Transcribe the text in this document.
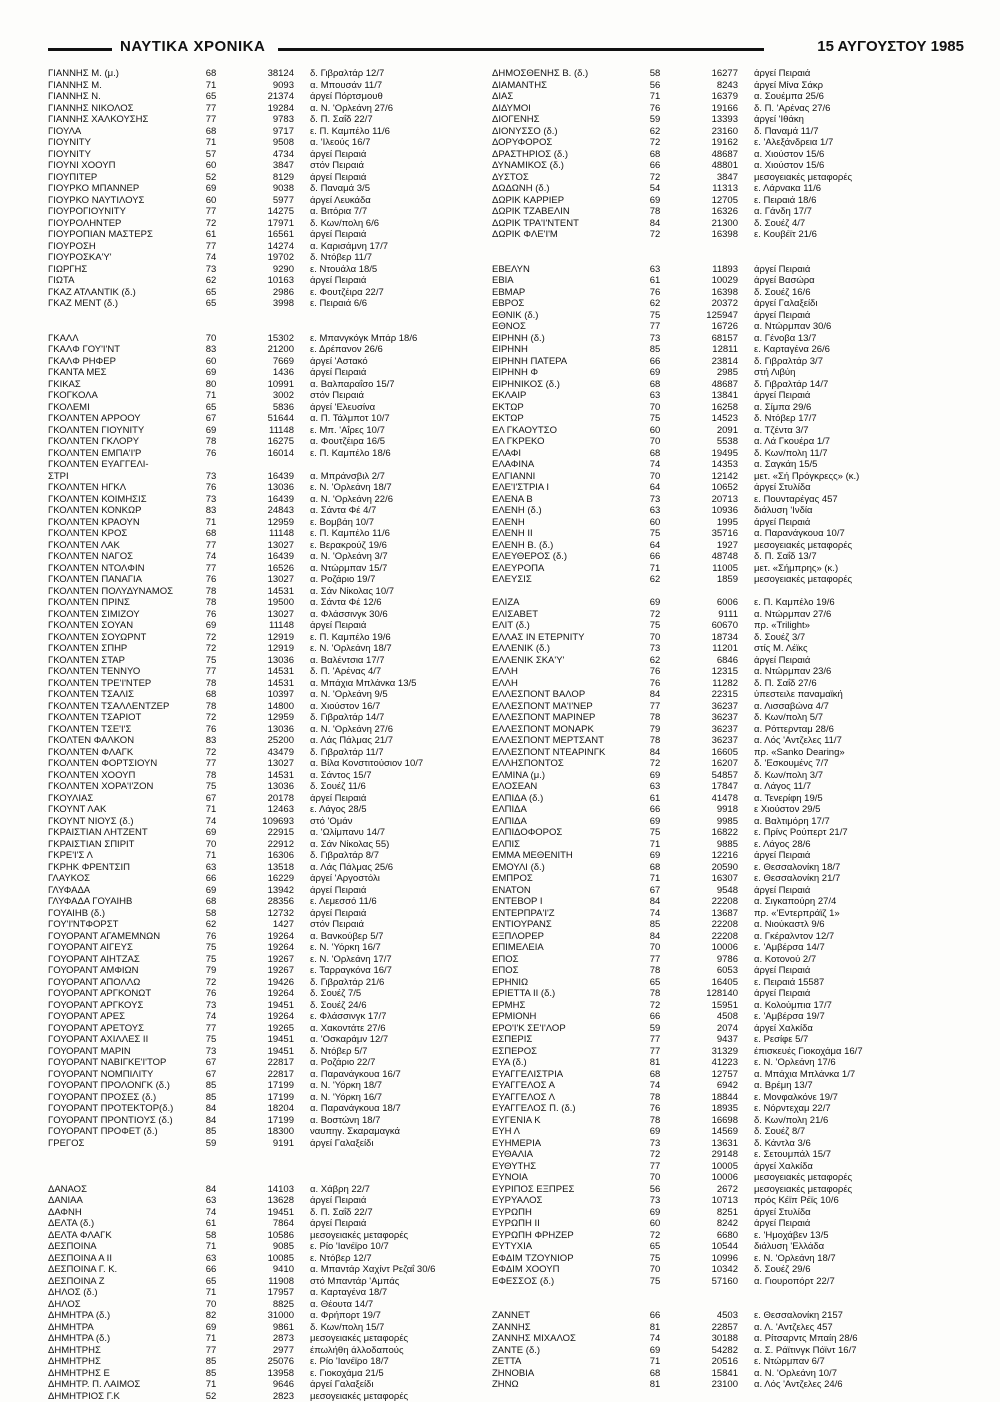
ΝΑΥΤΙΚΑ ΧΡΟΝΙΚΑ	15 ΑΥΓΟΥΣΤΟΥ 1985
ΓΙΑΝΝΗΣ Μ. (μ.)	68	38124	δ. Γιβραλτάρ 12/7
ΓΙΑΝΝΗΣ Μ.	71	9093	α. Μπουσάν 11/7
ΓΙΑΝΝΗΣ Ν.	65	21374	άργεί Πόρτσμουθ
ΓΙΑΝΝΗΣ ΝΙΚΟΛΟΣ	77	19284	α. Ν. 'Ορλεάνη 27/6
ΓΙΑΝΝΗΣ ΧΑΛΚΟΥΣΗΣ	77	9783	δ. Π. Σαΐδ 22/7
ΓΙΟΥΛΑ	68	9717	ε. Π. Καμπέλο 11/6
ΓΙΟΥΝΙΤΥ	71	9508	α. 'Ιλεούς 16/7
ΓΙΟΥΝΙΤΥ	57	4734	άργεί Πειραιά
ΓΙΟΥΝΙ ΧΟΟΥΠ	60	3847	στόν Πειραιά
ΓΙΟΥΠΙΤΕΡ	52	8129	άργεί Πειραιά
ΓΙΟΥΡΚΟ ΜΠΑΝΝΕΡ	69	9038	δ. Παναμά 3/5
ΓΙΟΥΡΚΟ ΝΑΥΤΙΛΟΥΣ	60	5977	άργεί Λευκάδα
ΓΙΟΥΡΟΓΙΟΥΝΙΤΥ	77	14275	α. Βιτόρια 7/7
ΓΙΟΥΡΟΛΗΝΤΕΡ	72	17971	δ. Κων/πολη 6/6
ΓΙΟΥΡΟΠΙΑΝ ΜΑΣΤΕΡΣ	61	16561	άργεί Πειραιά
ΓΙΟΥΡΟΣΗ	77	14274	α. Καρισάμνη 17/7
ΓΙΟΥΡΟΣΚΑ'Υ'	74	19702	δ. Ντόβερ 11/7
ΓΙΩΡΓΗΣ	73	9290	ε. Ντουάλα 18/5
ΓΙΩΤΑ	62	10163	άργεί Πειραιά
ΓΚΑΖ ΑΤΛΑΝΤΙΚ (δ.)	65	2986	ε. Φουτζέιρα 22/7
ΓΚΑΖ ΜΕΝΤ (δ.)	65	3998	ε. Πειραιά 6/6
ΓΚΑΛΛ	70	15302	ε. Μπανγκόγκ Μπάρ 18/6
ΓΚΑΛΦ ΓΟΥ'Ι'ΝΤ	83	21200	ε. Δρέπανον 26/6
ΓΚΑΛΦ ΡΗΦΕΡ	60	7669	άργεί 'Αστακό
ΓΚΑΝΤΑ ΜΕΣ	69	1436	άργεί Πειραιά
ΓΚΙΚΑΣ	80	10991	α. Βαλπαραΐσο 15/7
ΓΚΟΓΚΟΛΑ	71	3002	στόν Πειραιά
ΓΚΟΛΕΜΙ	65	5836	άργεί 'Ελευσίνα
ΓΚΟΛΝΤΕΝ ΑΡΡΟΟΥ	67	51644	α. Π. Τάλμποτ 10/7
ΓΚΟΛΝΤΕΝ ΓΙΟΥΝΙΤΥ	69	11148	ε. Μπ. 'Αΐρες 10/7
ΓΚΟΛΝΤΕΝ ΓΚΛΟΡΥ	78	16275	α. Φουτζέιρα 16/5
ΓΚΟΛΝΤΕΝ ΕΜΠΑ'Ι'Ρ	76	16014	ε. Π. Καμπέλο 18/6
ΓΚΟΛΝΤΕΝ ΕΥΑΓΓΕΛΙ-
ΣΤΡΙ	73	16439	α. Μπράνσβιλ 2/7
ΓΚΟΛΝΤΕΝ ΗΓΚΛ	76	13036	ε. Ν. 'Ορλεάνη 18/7
ΓΚΟΛΝΤΕΝ ΚΟΙΜΗΣΙΣ	73	16439	α. Ν. 'Ορλεάνη 22/6
ΓΚΟΛΝΤΕΝ ΚΟΝΚΩΡ	83	24843	α. Σάντα Φέ 4/7
ΓΚΟΛΝΤΕΝ ΚΡΑΟΥΝ	71	12959	ε. Βομβάη 10/7
ΓΚΟΛΝΤΕΝ ΚΡΟΣ	68	11148	ε. Π. Καμπέλο 11/6
ΓΚΟΛΝΤΕΝ ΛΑΚ	77	13027	ε. Βερακρούζ 19/6
ΓΚΟΛΝΤΕΝ ΝΑΓΟΣ	74	16439	α. Ν. 'Ορλεάνη 3/7
ΓΚΟΛΝΤΕΝ ΝΤΟΛΦΙΝ	77	16526	α. Ντώρμπαν 15/7
ΓΚΟΛΝΤΕΝ ΠΑΝΑΓΙΑ	76	13027	α. Ροζάριο 19/7
ΓΚΟΛΝΤΕΝ ΠΟΛΥΔΥΝΑΜΟΣ	78	14531	α. Σάν Νίκολας 10/7
ΓΚΟΛΝΤΕΝ ΠΡΙΝΣ	78	19500	α. Σάντα Φέ 12/6
ΓΚΟΛΝΤΕΝ ΣΙΜΙΖΟΥ	76	13027	α. Φλάσσινγκ 30/6
ΓΚΟΛΝΤΕΝ ΣΟΥΑΝ	69	11148	άργεί Πειραιά
ΓΚΟΛΝΤΕΝ ΣΟΥΩΡΝΤ	72	12919	ε. Π. Καμπέλο 19/6
ΓΚΟΛΝΤΕΝ ΣΠΗΡ	72	12919	ε. Ν. 'Ορλεάνη 18/7
ΓΚΟΛΝΤΕΝ ΣΤΑΡ	75	13036	α. Βαλέντσια 17/7
ΓΚΟΛΝΤΕΝ ΤΕΝΝΥΟ	77	14531	δ. Π. 'Αρένας 4/7
ΓΚΟΛΝΤΕΝ ΤΡΕ'Ι'ΝΤΕΡ	78	14531	α. Μπάχια Μπλάνκα 13/5
ΓΚΟΛΝΤΕΝ ΤΣΑΛΙΣ	68	10397	α. Ν. 'Ορλεάνη 9/5
ΓΚΟΛΝΤΕΝ ΤΣΑΛΛΕΝΤΖΕΡ	78	14800	α. Χιούστον 16/7
ΓΚΟΛΝΤΕΝ ΤΣΑΡΙΟΤ	72	12959	δ. Γιβραλτάρ 14/7
ΓΚΟΛΝΤΕΝ ΤΣΕ'Ι'Σ	76	13036	α. Ν. 'Ορλεάνη 27/6
ΓΚΟΛΤΕΝ ΦΑΛΚΟΝ	83	25200	α. Λάς Πάλμας 21/7
ΓΚΟΛΝΤΕΝ ΦΛΑΓΚ	72	43479	δ. Γιβραλτάρ 11/7
ΓΚΟΛΝΤΕΝ ΦΟΡΤΣΙΟΥΝ	77	13027	α. Βίλα Κονστιτούσιον 10/7
ΓΚΟΛΝΤΕΝ ΧΟΟΥΠ	78	14531	α. Σάντος 15/7
ΓΚΟΛΝΤΕΝ ΧΟΡΑ'Ι'ΖΟΝ	75	13036	δ. Σουέζ 11/6
ΓΚΟΥΛΙΑΣ	67	20178	άργεί Πειραιά
ΓΚΟΥΝΤ ΛΑΚ	71	12463	ε. Λάγος 28/5
ΓΚΟΥΝΤ ΝΙΟΥΣ (δ.)	74	109693	στό 'Ομάν
ΓΚΡΑΙΣΤΙΑΝ ΛΗΤΖΕΝΤ	69	22915	α. 'Ωλίμπανυ 14/7
ΓΚΡΑΙΣΤΙΑΝ ΣΠΙΡΙΤ	70	22912	α. Σάν Νίκολας 55)
ΓΚΡΕ'Ι'Σ Λ	71	16306	δ. Γιβραλτάρ 8/7
ΓΚΡΗΚ ΦΡΕΝΤΣΙΠ	63	13518	α. Λάς Πάλμας 25/6
ΓΛΑΥΚΟΣ	66	16229	άργεί 'Αργοστόλι
ΓΛΥΦΑΔΑ	69	13942	άργεί Πειραιά
ΓΛΥΦΑΔΑ ΓΟΥΑΙΗΒ	68	28356	ε. Λεμεσσό 11/6
ΓΟΥΑΙΗΒ (δ.)	58	12732	άργεί Πειραιά
ΓΟΥ'Ι'ΝΤΦΟΡΣΤ	62	1427	στόν Πειραιά
ΓΟΥΟΡΑΝΤ ΑΓΑΜΕΜΝΩΝ	76	19264	α. Βανκούβερ 5/7
ΓΟΥΟΡΑΝΤ ΑΙΓΕΥΣ	75	19264	ε. Ν. 'Υόρκη 16/7
ΓΟΥΟΡΑΝΤ ΑΙΗΤΖΑΣ	75	19267	ε. Ν. 'Ορλεάνη 17/7
ΓΟΥΟΡΑΝΤ ΑΜΦΙΩΝ	79	19267	ε. Ταρραγκόνα 16/7
ΓΟΥΟΡΑΝΤ ΑΠΟΛΛΩ	72	19426	δ. Γιβραλτάρ 21/6
ΓΟΥΟΡΑΝΤ ΑΡΓΚΟΝΩΤ	76	19264	δ. Σουέζ 7/5
ΓΟΥΟΡΑΝΤ ΑΡΓΚΟΥΣ	73	19451	δ. Σουέζ 24/6
ΓΟΥΟΡΑΝΤ ΑΡΕΣ	74	19264	ε. Φλάσσινγκ 17/7
ΓΟΥΟΡΑΝΤ ΑΡΕΤΟΥΣ	77	19265	α. Χακοντάτε 27/6
ΓΟΥΟΡΑΝΤ ΑΧΙΛΛΕΣ ΙΙ	75	19451	α. 'Οσκαράμν 12/7
ΓΟΥΟΡΑΝΤ ΜΑΡΙΝ	73	19451	δ. Ντόβερ 5/7
ΓΟΥΟΡΑΝΤ ΝΑΒΙΓΚΕ'Ι'ΤΟΡ	67	22817	α. Ροζάριο 22/7
ΓΟΥΟΡΑΝΤ ΝΟΜΠΙΛΙΤΥ	67	22817	α. Παρανάγκουα 16/7
ΓΟΥΟΡΑΝΤ ΠΡΟΛΟΝΓΚ (δ.)	85	17199	α. Ν. 'Υόρκη 18/7
ΓΟΥΟΡΑΝΤ ΠΡΟΣΕΣ (δ.)	85	17199	α. Ν. 'Υόρκη 16/7
ΓΟΥΟΡΑΝΤ ΠΡΟΤΕΚΤΟΡ(δ.)	84	18204	α. Παρανάγκουα 18/7
ΓΟΥΟΡΑΝΤ ΠΡΟΝΤΙΟΥΣ (δ.)	84	17199	α. Βοστώνη 18/7
ΓΟΥΟΡΑΝΤ ΠΡΟΦΕΤ (δ.)	85	18300	ναυπηγ. Σκαραμαγκά
ΓΡΕΓΟΣ	59	9191	άργεί Γαλαξείδι
ΔΑΝΑΟΣ	84	14103	α. Χάβρη 22/7
ΔΑΝΙΑΑ	63	13628	άργεί Πειραιά
ΔΑΦΝΗ	74	19451	δ. Π. Σαΐδ 22/7
ΔΕΛΤΑ (δ.)	61	7864	άργεί Πειραιά
ΔΕΛΤΑ ΦΛΑΓΚ	58	10586	μεσογειακές μεταφορές
ΔΕΣΠΟΙΝΑ	71	9085	ε. Ρίο 'Ιανέϊρο 10/7
ΔΕΣΠΟΙΝΑ Α ΙΙ	63	10085	ε. Ντόβερ 12/7
ΔΕΣΠΟΙΝΑ Γ. Κ.	66	9410	α. Μπαντάρ Χαχίντ Ρεζαΐ 30/6
ΔΕΣΠΟΙΝΑ Ζ	65	11908	στό Μπαντάρ 'Αμπάς
ΔΗΛΟΣ (δ.)	71	17957	α. Καρταγένα 18/7
ΔΗΛΟΣ	70	8825	α. Θέουτα 14/7
ΔΗΜΗΤΡΑ (δ.)	82	31000	α. Φρήπορτ 19/7
ΔΗΜΗΤΡΑ	69	9861	δ. Κων/πολη 15/7
ΔΗΜΗΤΡΑ (δ.)	71	2873	μεσογειακές μεταφορές
ΔΗΜΗΤΡΗΣ	77	2977	έπωλήθη άλλοδαπούς
ΔΗΜΗΤΡΗΣ	85	25076	ε. Ρίο 'Ιανέϊρο 18/7
ΔΗΜΗΤΡΗΣ Ε	85	13958	ε. Γιοκοχάμα 21/5
ΔΗΜΗΤΡ. Π. ΛΑΙΜΟΣ	71	9646	άργεί Γαλαξείδι
ΔΗΜΗΤΡΙΟΣ Γ.Κ	52	2823	μεσογειακές μεταφορές
ΔΗΜΟΣΘΕΝΗΣ Β. (δ.)	58	16277	άργεί Πειραιά
ΔΙΑΜΑΝΤΗΣ	56	8243	άργεί Μίνα Σάκρ
ΔΙΑΣ	71	16379	α. Σουέμπα 25/6
ΔΙΔΥΜΟΙ	76	19166	δ. Π. 'Αρένας 27/6
ΔΙΟΓΕΝΗΣ	59	13393	άργεί 'Ιθάκη
ΔΙΟΝΥΣΣΟ (δ.)	62	23160	δ. Παναμά 11/7
ΔΟΡΥΦΟΡΟΣ	72	19162	ε. 'Αλεξάνδρεια 1/7
ΔΡΑΣΤΗΡΙΟΣ (δ.)	68	48687	α. Χιούστον 15/6
ΔΥΝΑΜΙΚΟΣ (δ.)	66	48801	α. Χιούστον 15/6
ΔΥΣΤΟΣ	72	3847	μεσογειακές μεταφορές
ΔΩΔΩΝΗ (δ.)	54	11313	ε. Λάρνακα 11/6
ΔΩΡΙΚ ΚΑΡΡΙΕΡ	69	12705	ε. Πειραιά 18/6
ΔΩΡΙΚ ΤΖΑΒΕΛΙΝ	78	16326	α. Γάνδη 17/7
ΔΩΡΙΚ ΤΡΑ'Ι'ΝΤΕΝΤ	84	21300	δ. Σουέζ 4/7
ΔΩΡΙΚ ΦΛΕ'Ι'Μ	72	16398	ε. Κουβέϊτ 21/6
ΕΒΕΛΥΝ	63	11893	άργεί Πειραιά
ΕΒΙΑ	61	10029	άργεί Βασώρα
ΕΒΜΑΡ	76	16398	δ. Σουέζ 16/6
ΕΒΡΟΣ	62	20372	άργεί Γαλαξείδι
ΕΘΝΙΚ (δ.)	75	125947	άργεί Πειραιά
ΕΘΝΟΣ	77	16726	α. Ντώρμπαν 30/6
ΕΙΡΗΝΗ (δ.)	73	68157	α. Γένοβα 13/7
ΕΙΡΗΝΗ	85	12811	ε. Καρταγένα 26/6
ΕΙΡΗΝΗ ΠΑΤΕΡΑ	66	23814	δ. Γιβραλτάρ 3/7
ΕΙΡΗΝΗ Φ	69	2985	στή Λιβύη
ΕΙΡΗΝΙΚΟΣ (δ.)	68	48687	δ. Γιβραλτάρ 14/7
ΕΚΛΑΙΡ	63	13841	άργεί Πειραιά
ΕΚΤΩΡ	70	16258	α. Σίμπα 29/6
ΕΚΤΩΡ	75	14523	δ. Ντόβερ 17/7
ΕΛ ΓΚΑΟΥΤΣΟ	60	2091	α. Τζέντα 3/7
ΕΛ ΓΚΡΕΚΟ	70	5538	α. Λά Γκουέρα 1/7
ΕΛΑΦΙ	68	19495	δ. Κων/πολη 11/7
ΕΛΑΦΙΝΑ	74	14353	α. Σαγκάη 15/5
ΕΛΓΙΑΝΝΙ	70	12142	μετ. «Σή Πρόγκρεςς» (κ.)
ΕΛΕ'Ι'ΣΤΡΙΑ Ι	64	10652	άργεί Στυλίδα
ΕΛΕΝΑ Β	73	20713	ε. Πουνταρέγας 457
ΕΛΕΝΗ (δ.)	63	10936	διάλυση 'Ινδία
ΕΛΕΝΗ	60	1995	άργεί Πειραιά
ΕΛΕΝΗ ΙΙ	75	35716	α. Παρανάγκουα 10/7
ΕΛΕΝΗ Β. (δ.)	64	1927	μεσογειακές μεταφορές
ΕΛΕΥΘΕΡΟΣ (δ.)	66	48748	δ. Π. Σαΐδ 13/7
ΕΛΕΥΡΟΠΑ	71	11005	μετ. «Σήμπρης» (κ.)
ΕΛΕΥΣΙΣ	62	1859	μεσογειακές μεταφορές
ΕΛΙΖΑ	69	6006	ε. Π. Καμπέλο 19/6
ΕΛΙΣΑΒΕΤ	72	9111	α. Ντώρμπαν 27/6
ΕΛΙΤ (δ.)	75	60670	πρ. «Trilight»
ΕΛΛΑΣ ΙΝ ΕΤΕΡΝΙΤΥ	70	18734	δ. Σουέζ 3/7
ΕΛΛΕΝΙΚ (δ.)	73	11201	στίς Μ. Λέϊκς
ΕΛΛΕΝΙΚ ΣΚΑ'Υ'	62	6846	άργεί Πειραιά
ΕΛΛΗ	76	12315	α. Ντώρμπαν 23/6
ΕΛΛΗ	76	11282	δ. Π. Σαΐδ 27/6
ΕΛΛΕΣΠΟΝΤ ΒΑΛΟΡ	84	22315	ύπεστειλε παναμαϊκή
ΕΛΛΕΣΠΟΝΤ ΜΑ'Ι'ΝΕΡ	77	36237	α. Λισσαβώνα 4/7
ΕΛΛΕΣΠΟΝΤ ΜΑΡΙΝΕΡ	78	36237	δ. Κων/πολη 5/7
ΕΛΛΕΣΠΟΝΤ ΜΟΝΑΡΚ	79	36237	α. Ρόττερνταμ 28/6
ΕΛΛΕΣΠΟΝΤ ΜΕΡΤΣΑΝΤ	78	36237	α. Λός 'Αντζελες 11/7
ΕΛΛΕΣΠΟΝΤ ΝΤΕΑΡΙΝΓΚ	84	16605	πρ. «Sanko Dearing»
ΕΛΛΗΣΠΟΝΤΟΣ	72	16207	δ. 'Εσκουμένς 7/7
ΕΛΜΙΝΑ (μ.)	69	54857	δ. Κων/πολη 3/7
ΕΛΟΣΕΑΝ	63	17847	α. Λάγος 11/7
ΕΛΠΙΔΑ (δ.)	61	41478	α. Τενερίφη 19/5
ΕΛΠΙΔΑ	66	9918	ε Χιούστον 29/5
ΕΛΠΙΔΑ	69	9985	α. Βαλτιμόρη 17/7
ΕΛΠΙΔΟΦΟΡΟΣ	75	16822	ε. Πρίνς Ρούπερτ 21/7
ΕΛΠΙΣ	71	9885	ε. Λάγος 28/6
ΕΜΜΑ ΜΕΘΕΝΙΤΗ	69	12216	άργεί Πειραιά
ΕΜΟΥΛΙ (δ.)	68	20590	ε. Θεσσαλονίκη 18/7
ΕΜΠΡΟΣ	71	16307	ε. Θεσσαλονίκη 21/7
ΕΝΑΤΟΝ	67	9548	άργεί Πειραιά
ΕΝΤΕΒΟΡ Ι	84	22208	α. Σιγκαπούρη 27/4
ΕΝΤΕΡΠΡΑ'Ι'Ζ	74	13687	πρ. «'Εντερπράϊζ 1»
ΕΝΤΙΟΥΡΑΝΣ	85	22208	α. Νιούκαστλ 9/6
ΕΞΠΛΟΡΕΡ	84	22208	α. Γκέραλντον 12/7
ΕΠΙΜΕΛΕΙΑ	70	10006	ε. 'Αμβέρσα 14/7
ΕΠΟΣ	77	9786	α. Κοτονού 2/7
ΕΠΟΣ	78	6053	άργεί Πειραιά
ΕΡΗΝΙΩ	65	16405	ε. Πειραιά 15587
ΕΡΙΕΤΤΑ ΙΙ (δ.)	78	128140	άργεί Πειραιά
ΕΡΜΗΣ	72	15951	α. Κολούμπια 17/7
ΕΡΜΙΟΝΗ	66	4508	ε. 'Αμβέρσα 19/7
ΕΡΟ'Ι'Κ ΣΕ'Ι'ΛΟΡ	59	2074	άργεί Χαλκίδα
ΕΣΠΕΡΙΣ	77	9437	ε. Ρεσίφε 5/7
ΕΣΠΕΡΟΣ	77	31329	έπισκευές Γιοκοχάμα 16/7
ΕΥΑ (δ.)	81	41223	ε. Ν. 'Ορλεάνη 17/6
ΕΥΑΓΓΕΛΙΣΤΡΙΑ	68	12757	α. Μπάχια Μπλάνκα 1/7
ΕΥΑΓΓΕΛΟΣ Α	74	6942	α. Βρέμη 13/7
ΕΥΑΓΓΕΛΟΣ Λ	78	18844	ε. Μονφαλκόνε 19/7
ΕΥΑΓΓΕΛΟΣ Π. (δ.)	76	18935	ε. Νόρντεχαμ 22/7
ΕΥΓΕΝΙΑ Κ	78	16698	δ. Κων/πολη 21/6
ΕΥΗ Λ	69	14569	δ. Σουέζ 8/7
ΕΥΗΜΕΡΙΑ	73	13631	δ. Κάντλα 3/6
ΕΥΘΑΛΙΑ	72	29148	ε. Σετουμπάλ 15/7
ΕΥΘΥΤΗΣ	77	10005	άργεί Χαλκίδα
ΕΥΝΟΙΑ	70	10006	μεσογειακές μεταφορές
ΕΥΡΙΠΟΣ ΕΞΠΡΕΣ	56	2672	μεσογειακές μεταφορές
ΕΥΡΥΑΛΟΣ	73	10713	πρός Κέϊπ Ρέϊς 10/6
ΕΥΡΩΠΗ	69	8251	άργεί Στυλίδα
ΕΥΡΩΠΗ ΙΙ	60	8242	άργεί Πειραιά
ΕΥΡΩΠΗ ΦΡΗΖΕΡ	72	6680	ε. 'Ημοχάβεν 13/5
ΕΥΤΥΧΙΑ	65	10544	διάλυση 'Ελλάδα
ΕΦΔΙΜ ΤΖΟΥΝΙΟΡ	75	10996	ε. Ν. 'Ορλεάνη 18/7
ΕΦΔΙΜ ΧΟΟΥΠ	70	10342	δ. Σουέζ 29/6
ΕΦΕΣΣΟΣ (δ.)	75	57160	α. Γιουροπόρτ 22/7
ΖΑΝΝΕΤ	66	4503	ε. Θεσσαλονίκη 2157
ΖΑΝΝΗΣ	81	22857	α. Λ. 'Αντζελες 457
ΖΑΝΝΗΣ ΜΙΧΑΛΟΣ	74	30188	α. Ρίτσαρντς Μπαίη 28/6
ΖΑΝΤΕ (δ.)	69	54282	α. Σ. Ράϊτινγκ Πόϊντ 16/7
ΖΕΤΤΑ	71	20516	ε. Ντώρμπαν 6/7
ΖΗΝΟΒΙΑ	68	15841	α. Ν. 'Ορλεάνη 10/7
ΖΗΝΩ	81	23100	α. Λός 'Αντζελες 24/6
